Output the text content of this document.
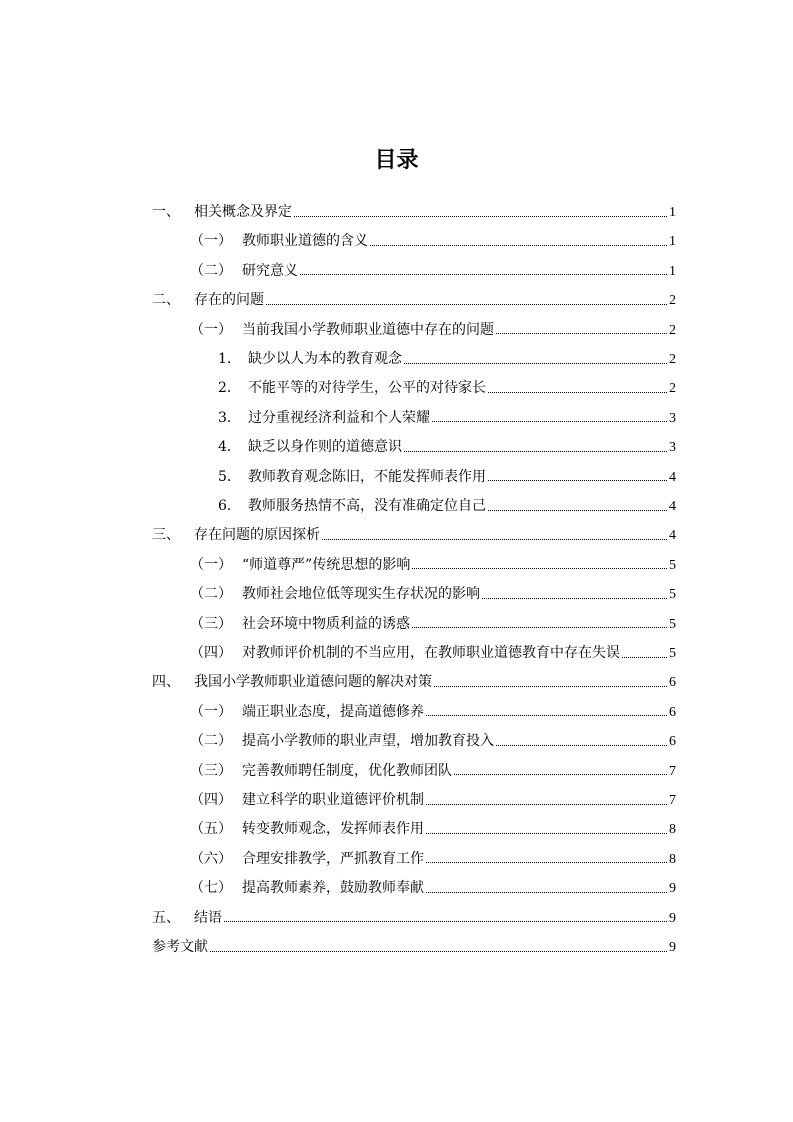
目录
一、	相关概念及界定	1
（一） 教师职业道德的含义	1
（二） 研究意义	1
二、	存在的问题	2
（一） 当前我国小学教师职业道德中存在的问题	2
1． 缺少以人为本的教育观念	2
2． 不能平等的对待学生，公平的对待家长	2
3． 过分重视经济利益和个人荣耀	3
4． 缺乏以身作则的道德意识	3
5． 教师教育观念陈旧，不能发挥师表作用	4
6． 教师服务热情不高，没有准确定位自己	4
三、	存在问题的原因探析	4
（一） “师道尊严”传统思想的影响	5
（二） 教师社会地位低等现实生存状况的影响	5
（三） 社会环境中物质利益的诱惑	5
（四） 对教师评价机制的不当应用，在教师职业道德教育中存在失误	5
四、	我国小学教师职业道德问题的解决对策	6
（一） 端正职业态度，提高道德修养	6
（二） 提高小学教师的职业声望，增加教育投入	6
（三） 完善教师聘任制度，优化教师团队	7
（四） 建立科学的职业道德评价机制	7
（五） 转变教师观念，发挥师表作用	8
（六） 合理安排教学，严抓教育工作	8
（七） 提高教师素养，鼓励教师奉献	9
五、	结语	9
参考文献	9
